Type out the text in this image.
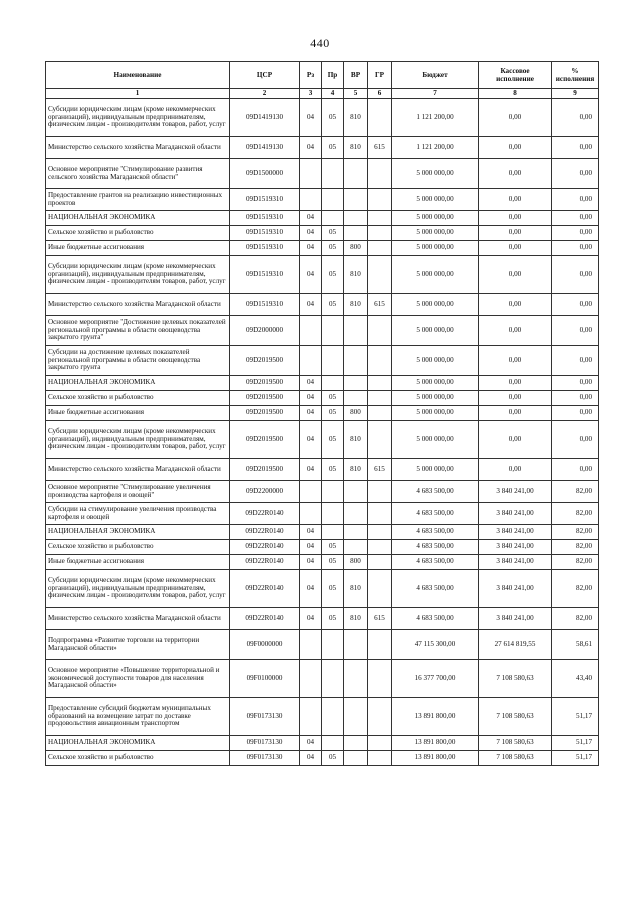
440
Наименование	ЦСР	Рз	Пр	ВР	ГР	Бюджет	Кассовое исполнение	% исполнения
1	2	3	4	5	6	7	8	9
Субсидии юридическим лицам (кроме некоммерческих организаций), индивидуальным предпринимателям, физическим лицам - производителям товаров, работ, услуг	09D1419130	04	05	810		1 121 200,00	0,00	0,00
Министерство сельского хозяйства Магаданской области	09D1419130	04	05	810	615	1 121 200,00	0,00	0,00
Основное мероприятие "Стимулирование развития сельского хозяйства Магаданской области"	09D1500000					5 000 000,00	0,00	0,00
Предоставление грантов на реализацию инвестиционных проектов	09D1519310					5 000 000,00	0,00	0,00
НАЦИОНАЛЬНАЯ ЭКОНОМИКА	09D1519310	04				5 000 000,00	0,00	0,00
Сельское хозяйство и рыболовство	09D1519310	04	05			5 000 000,00	0,00	0,00
Иные бюджетные ассигнования	09D1519310	04	05	800		5 000 000,00	0,00	0,00
Субсидии юридическим лицам (кроме некоммерческих организаций), индивидуальным предпринимателям, физическим лицам - производителям товаров, работ, услуг	09D1519310	04	05	810		5 000 000,00	0,00	0,00
Министерство сельского хозяйства Магаданской области	09D1519310	04	05	810	615	5 000 000,00	0,00	0,00
Основное мероприятие "Достижение целевых показателей региональной программы в области овощеводства закрытого грунта"	09D2000000					5 000 000,00	0,00	0,00
Субсидии на достижение целевых показателей региональной программы в области овощеводства закрытого грунта	09D2019500					5 000 000,00	0,00	0,00
НАЦИОНАЛЬНАЯ ЭКОНОМИКА	09D2019500	04				5 000 000,00	0,00	0,00
Сельское хозяйство и рыболовство	09D2019500	04	05			5 000 000,00	0,00	0,00
Иные бюджетные ассигнования	09D2019500	04	05	800		5 000 000,00	0,00	0,00
Субсидии юридическим лицам (кроме некоммерческих организаций), индивидуальным предпринимателям, физическим лицам - производителям товаров, работ, услуг	09D2019500	04	05	810		5 000 000,00	0,00	0,00
Министерство сельского хозяйства Магаданской области	09D2019500	04	05	810	615	5 000 000,00	0,00	0,00
Основное мероприятие "Стимулирование увеличения производства картофеля и овощей"	09D2200000					4 683 500,00	3 840 241,00	82,00
Субсидии на стимулирование увеличения производства картофеля и овощей	09D22R0140					4 683 500,00	3 840 241,00	82,00
НАЦИОНАЛЬНАЯ ЭКОНОМИКА	09D22R0140	04				4 683 500,00	3 840 241,00	82,00
Сельское хозяйство и рыболовство	09D22R0140	04	05			4 683 500,00	3 840 241,00	82,00
Иные бюджетные ассигнования	09D22R0140	04	05	800		4 683 500,00	3 840 241,00	82,00
Субсидии юридическим лицам (кроме некоммерческих организаций), индивидуальным предпринимателям, физическим лицам - производителям товаров, работ, услуг	09D22R0140	04	05	810		4 683 500,00	3 840 241,00	82,00
Министерство сельского хозяйства Магаданской области	09D22R0140	04	05	810	615	4 683 500,00	3 840 241,00	82,00
Подпрограмма «Развитие торговли на территории Магаданской области»	09F0000000					47 115 300,00	27 614 819,55	58,61
Основное мероприятие «Повышение территориальной и экономической доступности товаров для населения Магаданской области»	09F0100000					16 377 700,00	7 108 580,63	43,40
Предоставление субсидий бюджетам муниципальных образований на возмещение затрат по доставке продовольствия авиационным транспортом	09F0173130					13 891 800,00	7 108 580,63	51,17
НАЦИОНАЛЬНАЯ ЭКОНОМИКА	09F0173130	04				13 891 800,00	7 108 580,63	51,17
Сельское хозяйство и рыболовство	09F0173130	04	05			13 891 800,00	7 108 580,63	51,17
